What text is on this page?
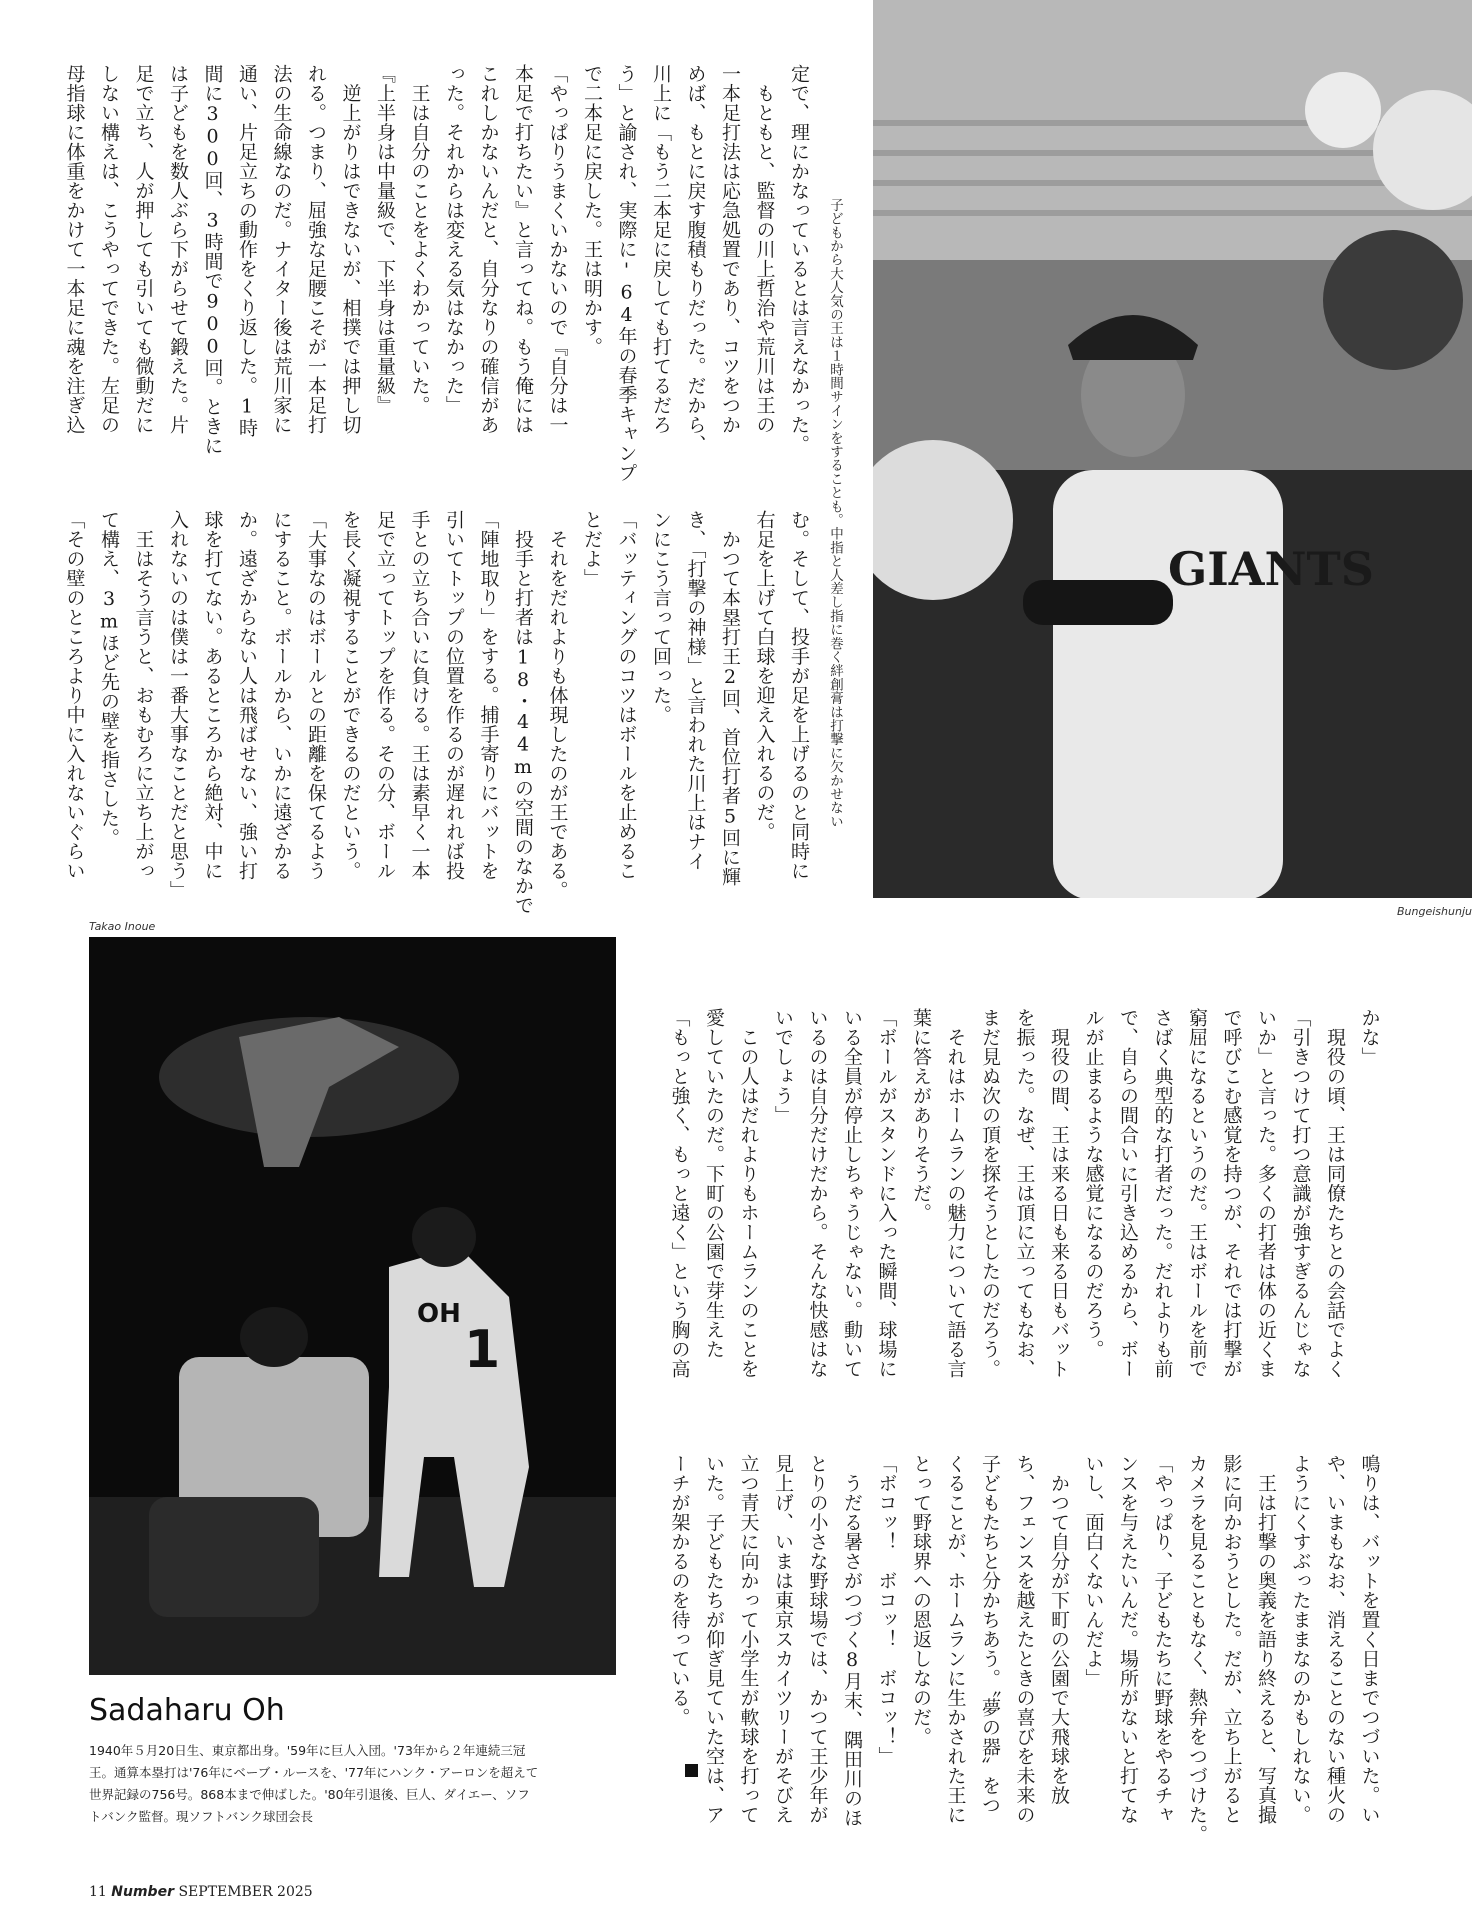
定で、理にかなっているとは言えなかった。
　もともと、監督の川上哲治や荒川は王の
一本足打法は応急処置であり、コツをつか
めば、もとに戻す腹積もりだった。だから、
川上に「もう二本足に戻しても打てるだろ
う」と諭され、実際に'64年の春季キャンプ
で二本足に戻した。王は明かす。
「やっぱりうまくいかないので『自分は一
本足で打ちたい』と言ってね。もう俺には
これしかないんだと、自分なりの確信があ
った。それからは変える気はなかった」
　王は自分のことをよくわかっていた。
『上半身は中量級で、下半身は重量級』
　逆上がりはできないが、相撲では押し切
れる。つまり、屈強な足腰こそが一本足打
法の生命線なのだ。ナイター後は荒川家に
通い、片足立ちの動作をくり返した。1時
間に300回、3時間で900回。ときに
は子どもを数人ぶら下がらせて鍛えた。片
足で立ち、人が押しても引いても微動だに
しない構えは、こうやってできた。左足の
母指球に体重をかけて一本足に魂を注ぎ込
む。そして、投手が足を上げるのと同時に
右足を上げて白球を迎え入れるのだ。
　かつて本塁打王2回、首位打者5回に輝
き、「打撃の神様」と言われた川上はナイ
ンにこう言って回った。
「バッティングのコツはボールを止めるこ
とだよ」
　それをだれよりも体現したのが王である。
　投手と打者は18・44mの空間のなかで
「陣地取り」をする。捕手寄りにバットを
引いてトップの位置を作るのが遅れれば投
手との立ち合いに負ける。王は素早く一本
足で立ってトップを作る。その分、ボール
を長く凝視することができるのだという。
「大事なのはボールとの距離を保てるよう
にすること。ボールから、いかに遠ざかる
か。遠ざからない人は飛ばせない、強い打
球を打てない。あるところから絶対、中に
入れないのは僕は一番大事なことだと思う」
　王はそう言うと、おもむろに立ち上がっ
て構え、3mほど先の壁を指さした。
「その壁のところより中に入れないぐらい	GIANTS
Bungeishunju
子どもから大人気の王は１時間サインをすることも。中指と人差し指に巻く絆創膏は打撃に欠かせない
Takao Inoue
OH
1
Sadaharu Oh
1940年５月20日生、東京都出身。'59年に巨人入団。'73年から２年連続三冠王。通算本塁打は'76年にベーブ・ルースを、'77年にハンク・アーロンを超えて世界記録の756号。868本まで伸ばした。'80年引退後、巨人、ダイエー、ソフトバンク監督。現ソフトバンク球団会長
かな」
　現役の頃、王は同僚たちとの会話でよく
「引きつけて打つ意識が強すぎるんじゃな
いか」と言った。多くの打者は体の近くま
で呼びこむ感覚を持つが、それでは打撃が
窮屈になるというのだ。王はボールを前で
さばく典型的な打者だった。だれよりも前
で、自らの間合いに引き込めるから、ボー
ルが止まるような感覚になるのだろう。
　現役の間、王は来る日も来る日もバット
を振った。なぜ、王は頂に立ってもなお、
まだ見ぬ次の頂を探そうとしたのだろう。
　それはホームランの魅力について語る言
葉に答えがありそうだ。
「ボールがスタンドに入った瞬間、球場に
いる全員が停止しちゃうじゃない。動いて
いるのは自分だけだから。そんな快感はな
いでしょう」
　この人はだれよりもホームランのことを
愛していたのだ。下町の公園で芽生えた
「もっと強く、もっと遠く」という胸の高
鳴りは、バットを置く日までつづいた。い
や、いまもなお、消えることのない種火の
ようにくすぶったままなのかもしれない。
　王は打撃の奥義を語り終えると、写真撮
影に向かおうとした。だが、立ち上がると
カメラを見ることもなく、熱弁をつづけた。
「やっぱり、子どもたちに野球をやるチャ
ンスを与えたいんだ。場所がないと打てな
いし、面白くないんだよ」
　かつて自分が下町の公園で大飛球を放
ち、フェンスを越えたときの喜びを未来の
子どもたちと分かちあう。〝夢の器〟をつ
くることが、ホームランに生かされた王に
とって野球界への恩返しなのだ。
「ボコッ！　ボコッ！　ボコッ！」
　うだる暑さがつづく8月末、隅田川のほ
とりの小さな野球場では、かつて王少年が
見上げ、いまは東京スカイツリーがそびえ
立つ青天に向かって小学生が軟球を打って
いた。子どもたちが仰ぎ見ていた空は、ア
ーチが架かるのを待っている。
11 Number SEPTEMBER 2025
